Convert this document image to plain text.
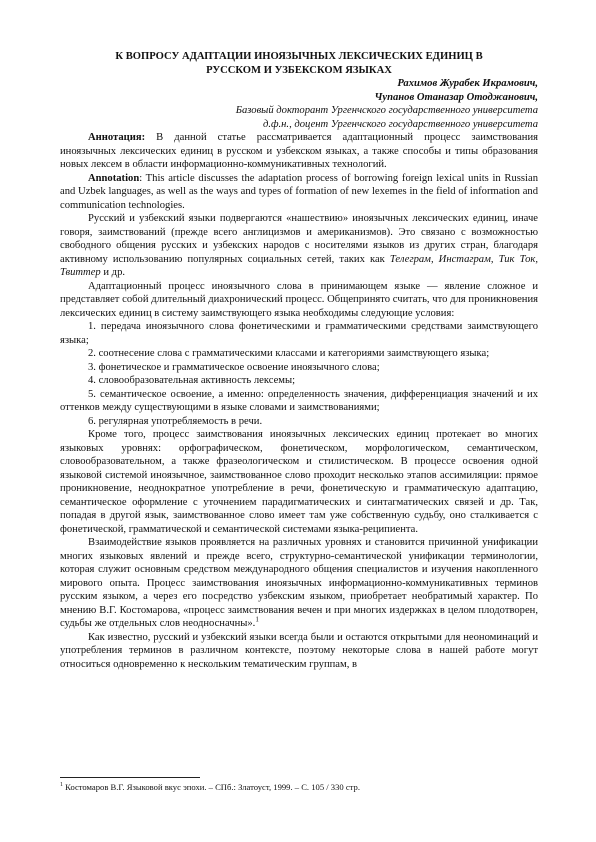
К ВОПРОСУ АДАПТАЦИИ ИНОЯЗЫЧНЫХ ЛЕКСИЧЕСКИХ ЕДИНИЦ В
РУССКОМ И УЗБЕКСКОМ ЯЗЫКАХ
Рахимов Журабек Икрамович,
Чупанов Отаназар Отоджанович,
Базовый докторант Ургенчского государственного университета
д.ф.н., доцент Ургенчского государственного университета

Аннотация: В данной статье рассматривается адаптационный процесс заимствования иноязычных лексических единиц в русском и узбекском языках, а также способы и типы образования новых лексем в области информационно-коммуникативных технологий.

Annotation: This article discusses the adaptation process of borrowing foreign lexical units in Russian and Uzbek languages, as well as the ways and types of formation of new lexemes in the field of information and communication technologies.

Русский и узбекский языки подвергаются «нашествию» иноязычных лексических единиц, иначе говоря, заимствований (прежде всего англицизмов и американизмов). Это связано с возможностью свободного общения русских и узбекских народов с носителями языков из других стран, благодаря активному использованию популярных социальных сетей, таких как Телеграм, Инстаграм, Тик Ток, Твиттер и др.

Адаптационный процесс иноязычного слова в принимающем языке — явление сложное и представляет собой длительный диахронический процесс. Общепринято считать, что для проникновения лексических единиц в систему заимствующего языка необходимы следующие условия:

1. передача иноязычного слова фонетическими и грамматическими средствами заимствующего языка;

2. соотнесение слова с грамматическими классами и категориями заимствующего языка;

3. фонетическое и грамматическое освоение иноязычного слова;

4. словообразовательная активность лексемы;

5. семантическое освоение, а именно: определенность значения, дифференциация значений и их оттенков между существующими в языке словами и заимствованиями;

6. регулярная употребляемость в речи.

Кроме того, процесс заимствования иноязычных лексических единиц протекает во многих языковых уровнях: орфографическом, фонетическом, морфологическом, семантическом, словообразовательном, а также фразеологическом и стилистическом. В процессе освоения одной языковой системой иноязычное, заимствованное слово проходит несколько этапов ассимиляции: прямое проникновение, неоднократное употребление в речи, фонетическую и грамматическую адаптацию, семантическое оформление с уточнением парадигматических и синтагматических связей и др. Так, попадая в другой язык, заимствованное слово имеет там уже собственную судьбу, оно сталкивается с фонетической, грамматической и семантической системами языка-реципиента.

Взаимодействие языков проявляется на различных уровнях и становится причинной унификации многих языковых явлений и прежде всего, структурно-семантической унификации терминологии, которая служит основным средством международного общения специалистов и изучения накопленного мирового опыта. Процесс заимствования иноязычных информационно-коммуникативных терминов русским языком, а через его посредство узбекским языком, приобретает необратимый характер. По мнению В.Г. Костомарова, «процесс заимствования вечен и при многих издержках в целом плодотворен, судьбы же отдельных слов неодносначны».$^1$

Как известно, русский и узбекский языки всегда были и остаются открытыми для неономинаций и употребления терминов в различном контексте, поэтому некоторые слова в нашей работе могут относиться одновременно к нескольким тематическим группам, в

$^1$ Костомаров В.Г. Языковой вкус эпохи. – СПб.: Златоуст, 1999. – С. 105 / 330 стр.
